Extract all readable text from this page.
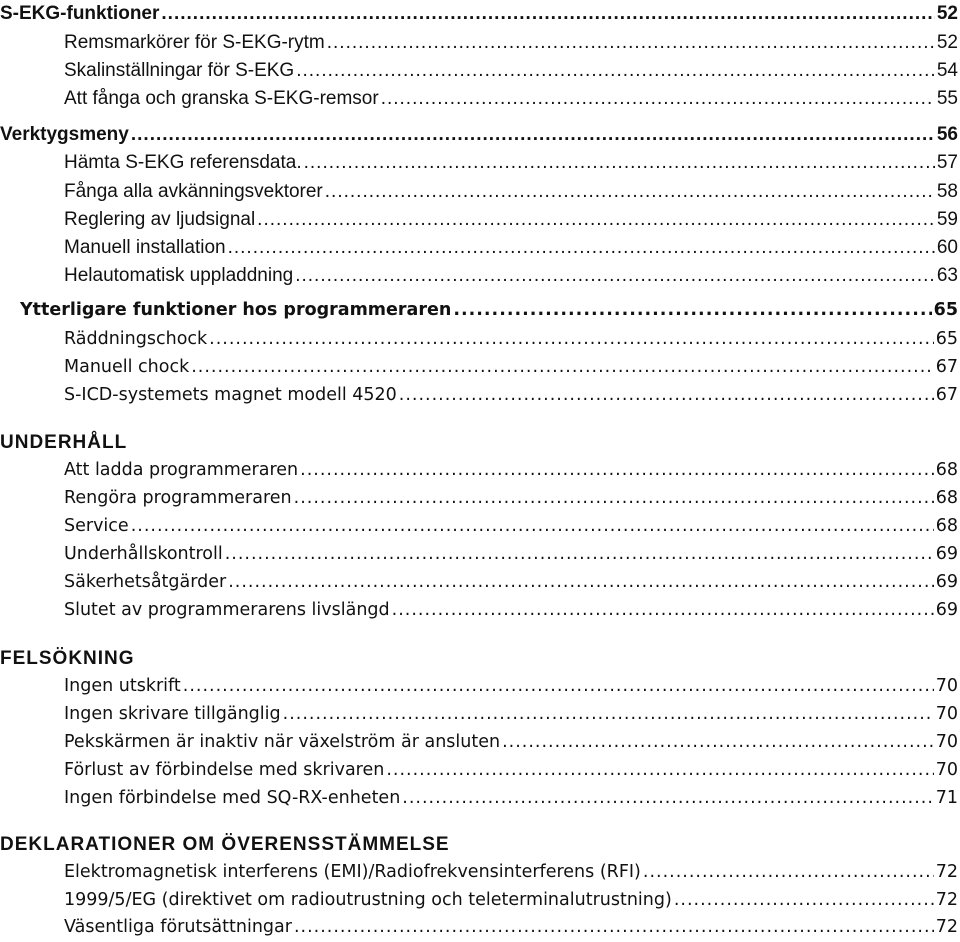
S-EKG-funktioner .....	52
Remsmarkörer för S-EKG-rytm .....	52
Skalinställningar för S-EKG .....	54
Att fånga och granska S-EKG-remsor .....	55
Verktygsmeny .....	56
Hämta S-EKG referensdata. .....	57
Fånga alla avkänningsvektorer .....	58
Reglering av ljudsignal .....	59
Manuell installation .....	60
Helautomatisk uppladdning .....	63
Ytterligare funktioner hos programmeraren .....	65
Räddningschock .....	65
Manuell chock .....	67
S-ICD-systemets magnet modell 4520 .....	67
UNDERHÅLL
Att ladda programmeraren .....	68
Rengöra programmeraren .....	68
Service .....	68
Underhållskontroll .....	69
Säkerhetsåtgärder .....	69
Slutet av programmerarens livslängd .....	69
FELSÖKNING
Ingen utskrift .....	70
Ingen skrivare tillgänglig .....	70
Pekskärmen är inaktiv när växelström är ansluten .....	70
Förlust av förbindelse med skrivaren .....	70
Ingen förbindelse med SQ-RX-enheten .....	71
DEKLARATIONER OM ÖVERENSSTÄMMELSE
Elektromagnetisk interferens (EMI)/Radiofrekvensinterferens (RFI) .....	72
1999/5/EG (direktivet om radioutrustning och teleterminalutrustning) .....	72
Väsentliga förutsättningar .....	72
